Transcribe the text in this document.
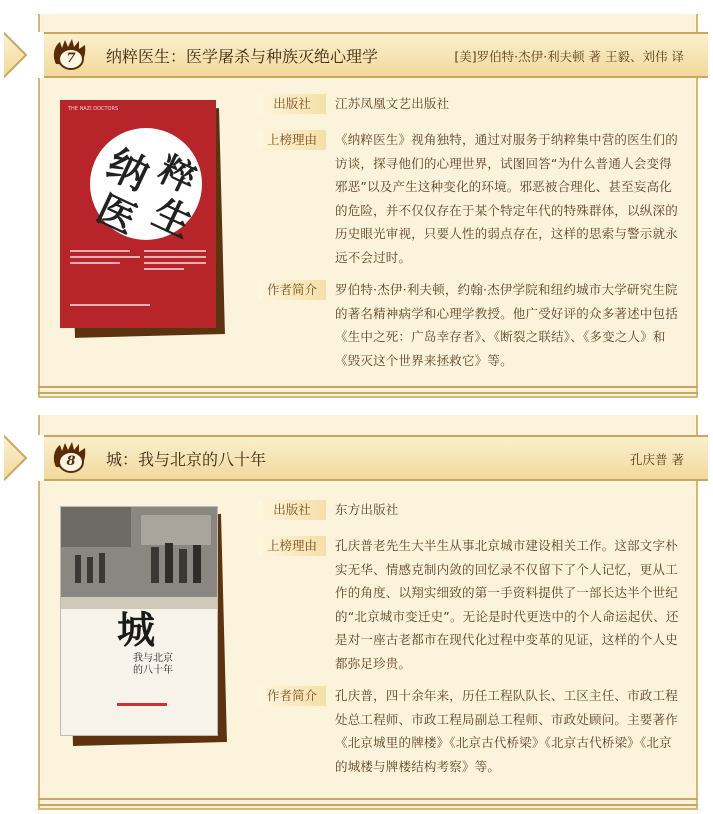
7	纳粹医生：医学屠杀与种族灭绝心理学	[美]罗伯特·杰伊·利夫顿 著 王毅、刘伟 译
纳
粹
医 生
THE NAZI DOCTORS	出版社	江苏凤凰文艺出版社
上榜理由	《纳粹医生》视角独特，通过对服务于纳粹集中营的医生们的访谈，探寻他们的心理世界，试图回答“为什么普通人会变得邪恶”以及产生这种变化的环境。邪恶被合理化、甚至妄高化的危险，并不仅仅存在于某个特定年代的特殊群体，以纵深的历史眼光审视，只要人性的弱点存在，这样的思索与警示就永远不会过时。
作者简介	罗伯特·杰伊·利夫顿，约翰·杰伊学院和纽约城市大学研究生院的著名精神病学和心理学教授。他广受好评的众多著述中包括《生中之死：广岛幸存者》、《断裂之联结》、《多变之人》和《毁灭这个世界来拯救它》等。
8	城：我与北京的八十年	孔庆普 著
城
我与北京的八十年
出版社	东方出版社
上榜理由	孔庆普老先生大半生从事北京城市建设相关工作。这部文字朴实无华、情感克制内敛的回忆录不仅留下了个人记忆，更从工作的角度、以翔实细致的第一手资料提供了一部长达半个世纪的“北京城市变迁史”。无论是时代更迭中的个人命运起伏、还是对一座古老都市在现代化过程中变革的见证，这样的个人史都弥足珍贵。
作者简介	孔庆普，四十余年来，历任工程队队长、工区主任、市政工程处总工程师、市政工程局副总工程师、市政处顾问。主要著作《北京城里的牌楼》《北京古代桥梁》《北京古代桥梁》《北京的城楼与牌楼结构考察》等。
